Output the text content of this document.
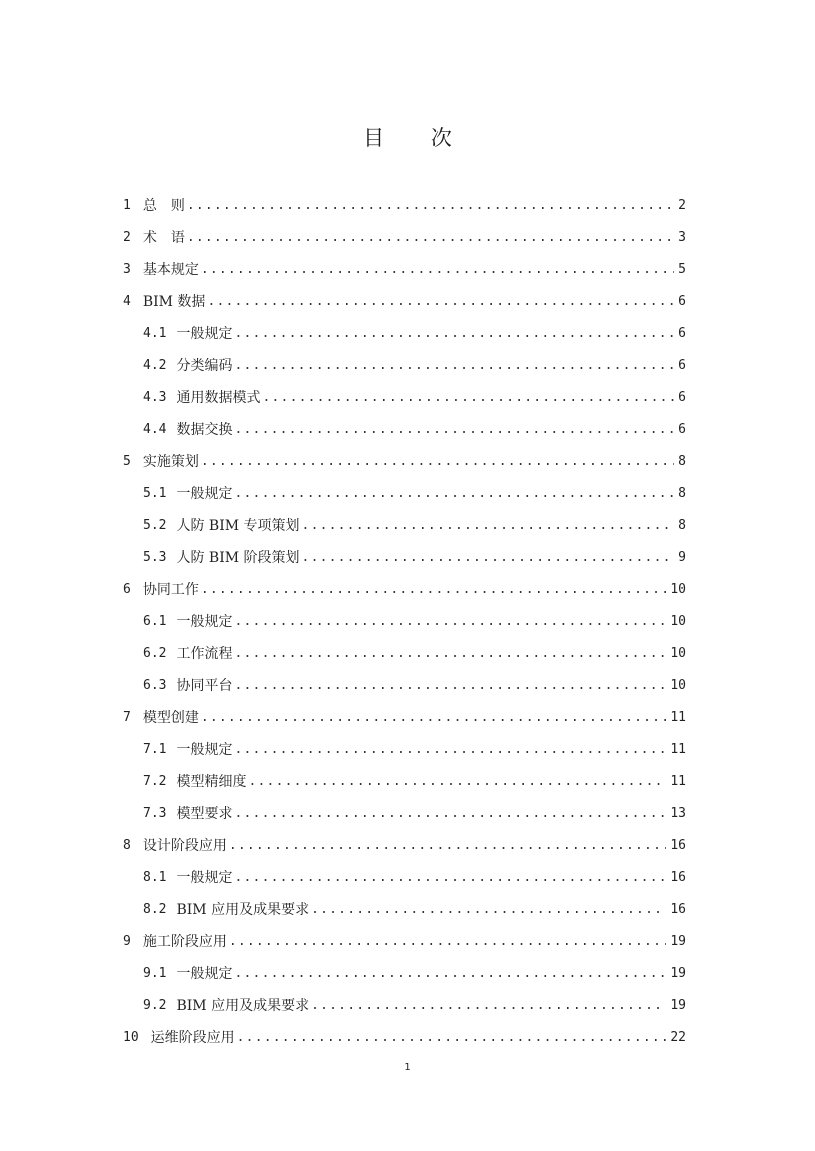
目 次
1 总　则 .....	2
2 术　语 .....	3
3 基本规定 .....	5
4 BIM 数据 .....	6
4.1 一般规定 .....	6
4.2 分类编码 .....	6
4.3 通用数据模式 .....	6
4.4 数据交换 .....	6
5 实施策划 .....	8
5.1 一般规定 .....	8
5.2 人防 BIM 专项策划 .....	8
5.3 人防 BIM 阶段策划 .....	9
6 协同工作 .....	10
6.1 一般规定 .....	10
6.2 工作流程 .....	10
6.3 协同平台 .....	10
7 模型创建 .....	11
7.1 一般规定 .....	11
7.2 模型精细度 .....	11
7.3 模型要求 .....	13
8 设计阶段应用 .....	16
8.1 一般规定 .....	16
8.2 BIM 应用及成果要求 .....	16
9 施工阶段应用 .....	19
9.1 一般规定 .....	19
9.2 BIM 应用及成果要求 .....	19
10 运维阶段应用 .....	22
1
